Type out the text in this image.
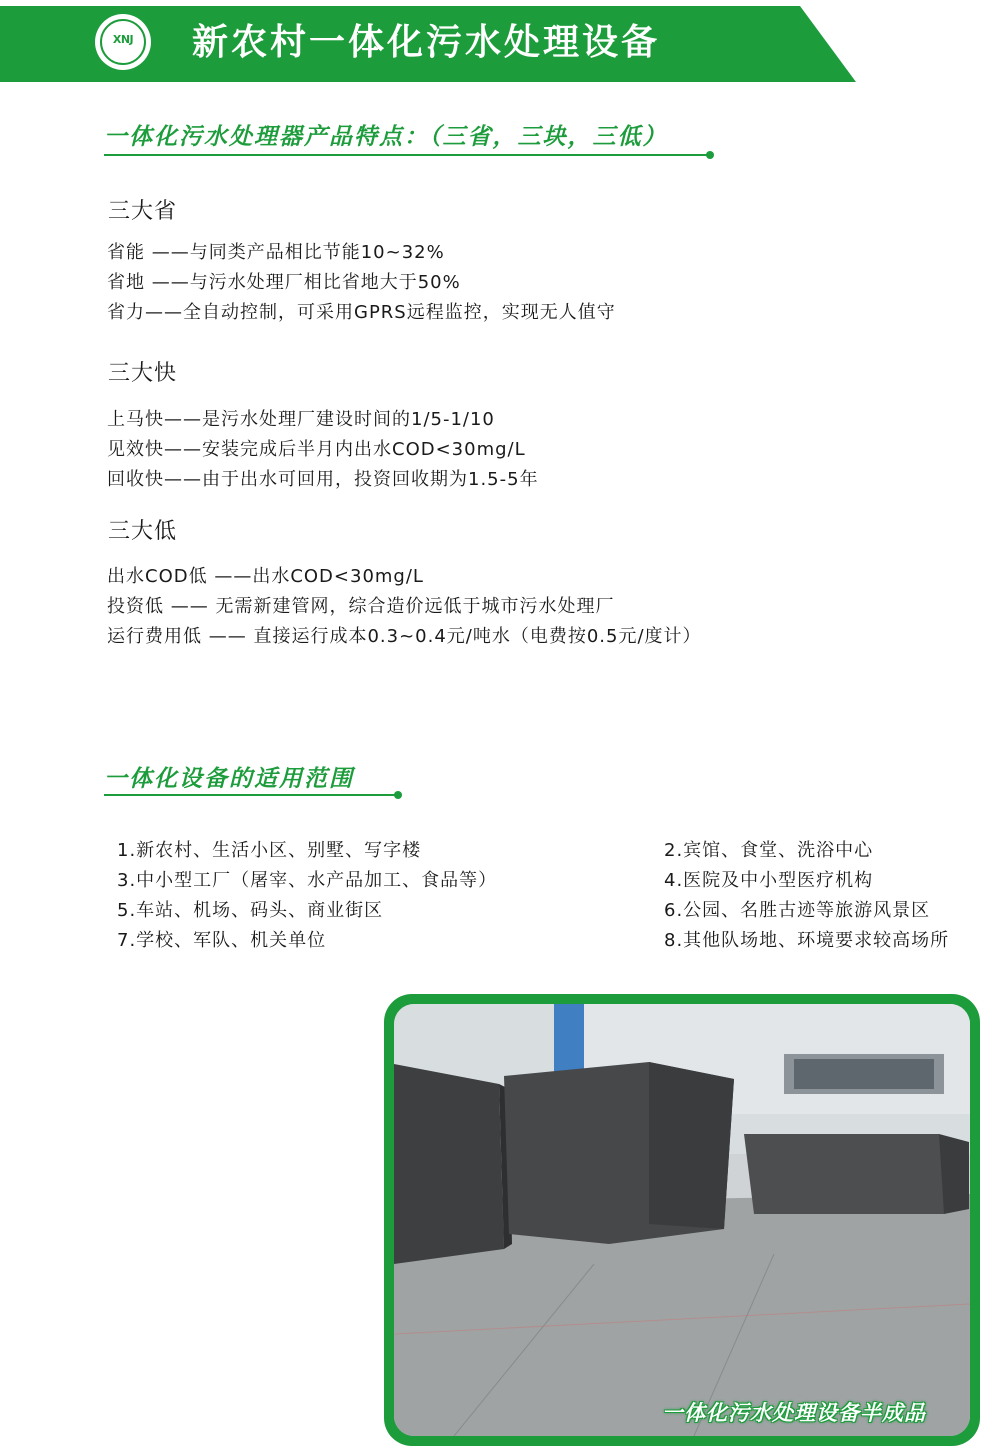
XNJ	新农村一体化污水处理设备
一体化污水处理器产品特点：（三省，三块，三低）
三大省
省能 ——与同类产品相比节能10~32%
省地 ——与污水处理厂相比省地大于50%
省力——全自动控制，可采用GPRS远程监控，实现无人值守
三大快
上马快——是污水处理厂建设时间的1/5-1/10
见效快——安装完成后半月内出水COD<30mg/L
回收快——由于出水可回用，投资回收期为1.5-5年
三大低
出水COD低 ——出水COD<30mg/L
投资低 —— 无需新建管网，综合造价远低于城市污水处理厂
运行费用低 —— 直接运行成本0.3~0.4元/吨水（电费按0.5元/度计）
一体化设备的适用范围
1.新农村、生活小区、别墅、写字楼	2.宾馆、食堂、洗浴中心
3.中小型工厂（屠宰、水产品加工、食品等）	4.医院及中小型医疗机构
5.车站、机场、码头、商业街区	6.公园、名胜古迹等旅游风景区
7.学校、军队、机关单位	8.其他队场地、环境要求较高场所
一体化污水处理设备半成品
